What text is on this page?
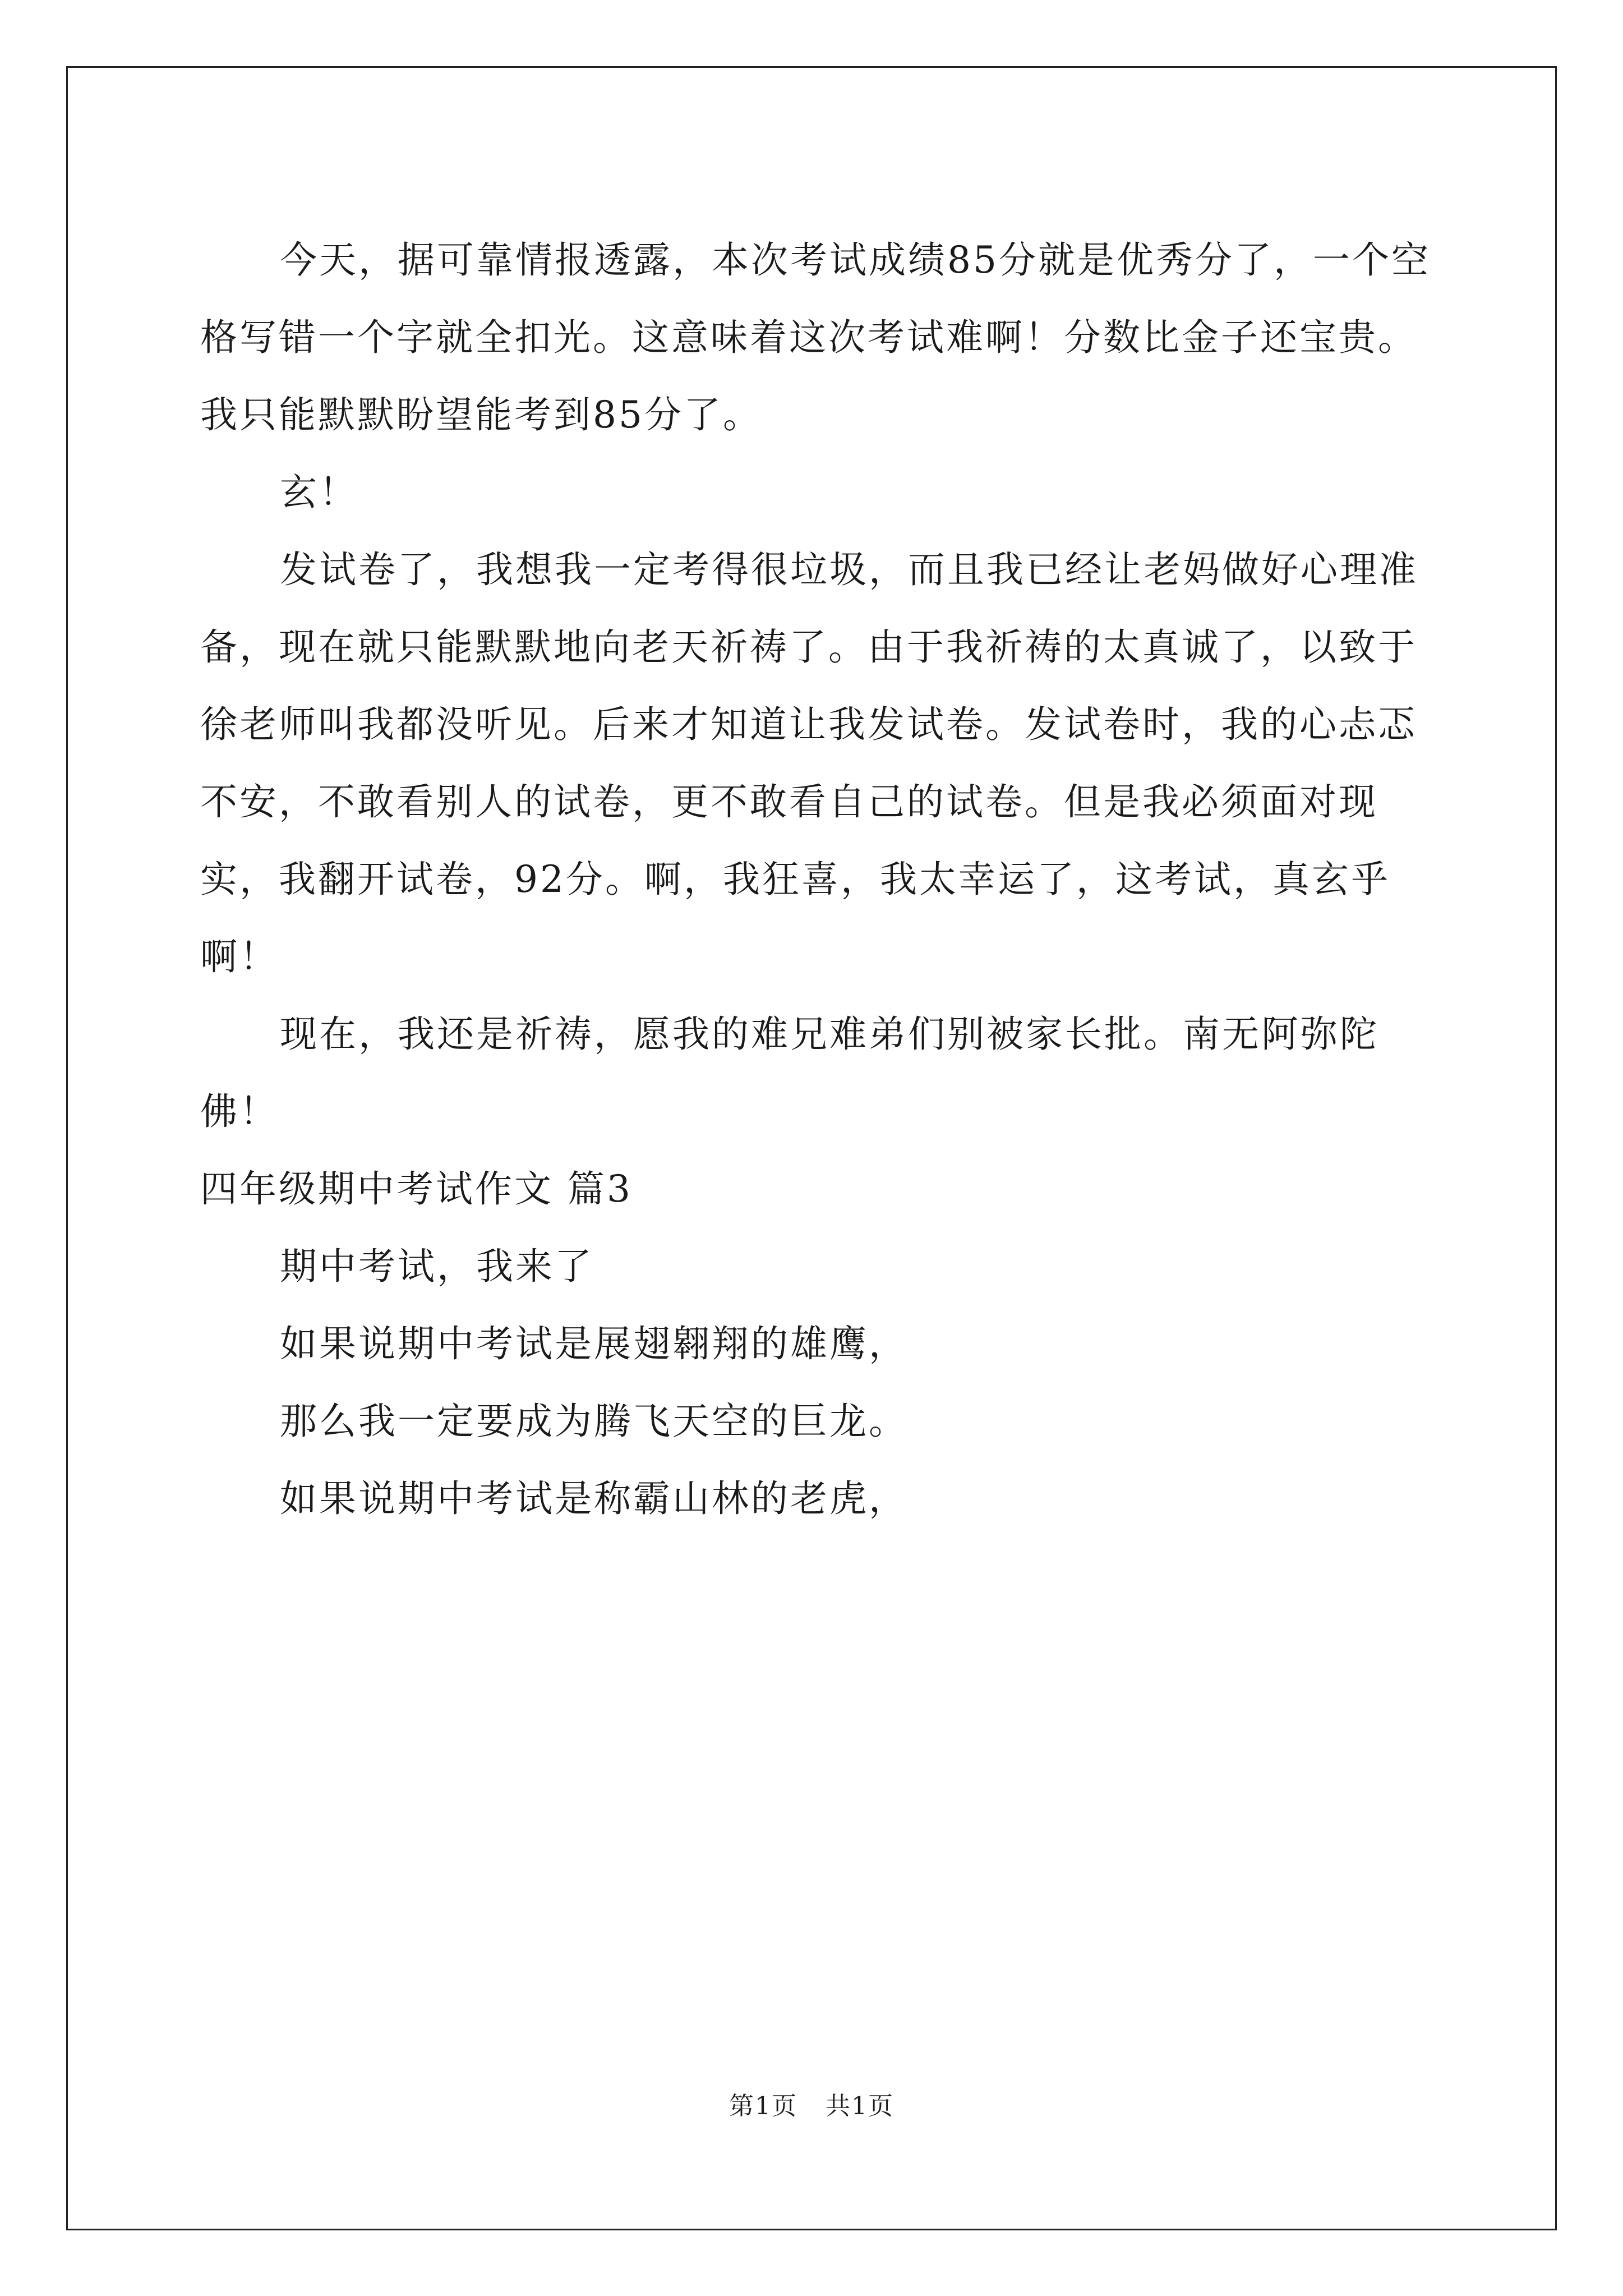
今天，据可靠情报透露，本次考试成绩85分就是优秀分了，一个空格写错一个字就全扣光。这意味着这次考试难啊！分数比金子还宝贵。我只能默默盼望能考到85分了。

玄！

发试卷了，我想我一定考得很垃圾，而且我已经让老妈做好心理准备，现在就只能默默地向老天祈祷了。由于我祈祷的太真诚了，以致于徐老师叫我都没听见。后来才知道让我发试卷。发试卷时，我的心忐忑不安，不敢看别人的试卷，更不敢看自己的试卷。但是我必须面对现实，我翻开试卷，92分。啊，我狂喜，我太幸运了，这考试，真玄乎啊！

现在，我还是祈祷，愿我的难兄难弟们别被家长批。南无阿弥陀佛！

四年级期中考试作文 篇3

期中考试，我来了

如果说期中考试是展翅翱翔的雄鹰，

那么我一定要成为腾飞天空的巨龙。

如果说期中考试是称霸山林的老虎，

第1页 共1页
